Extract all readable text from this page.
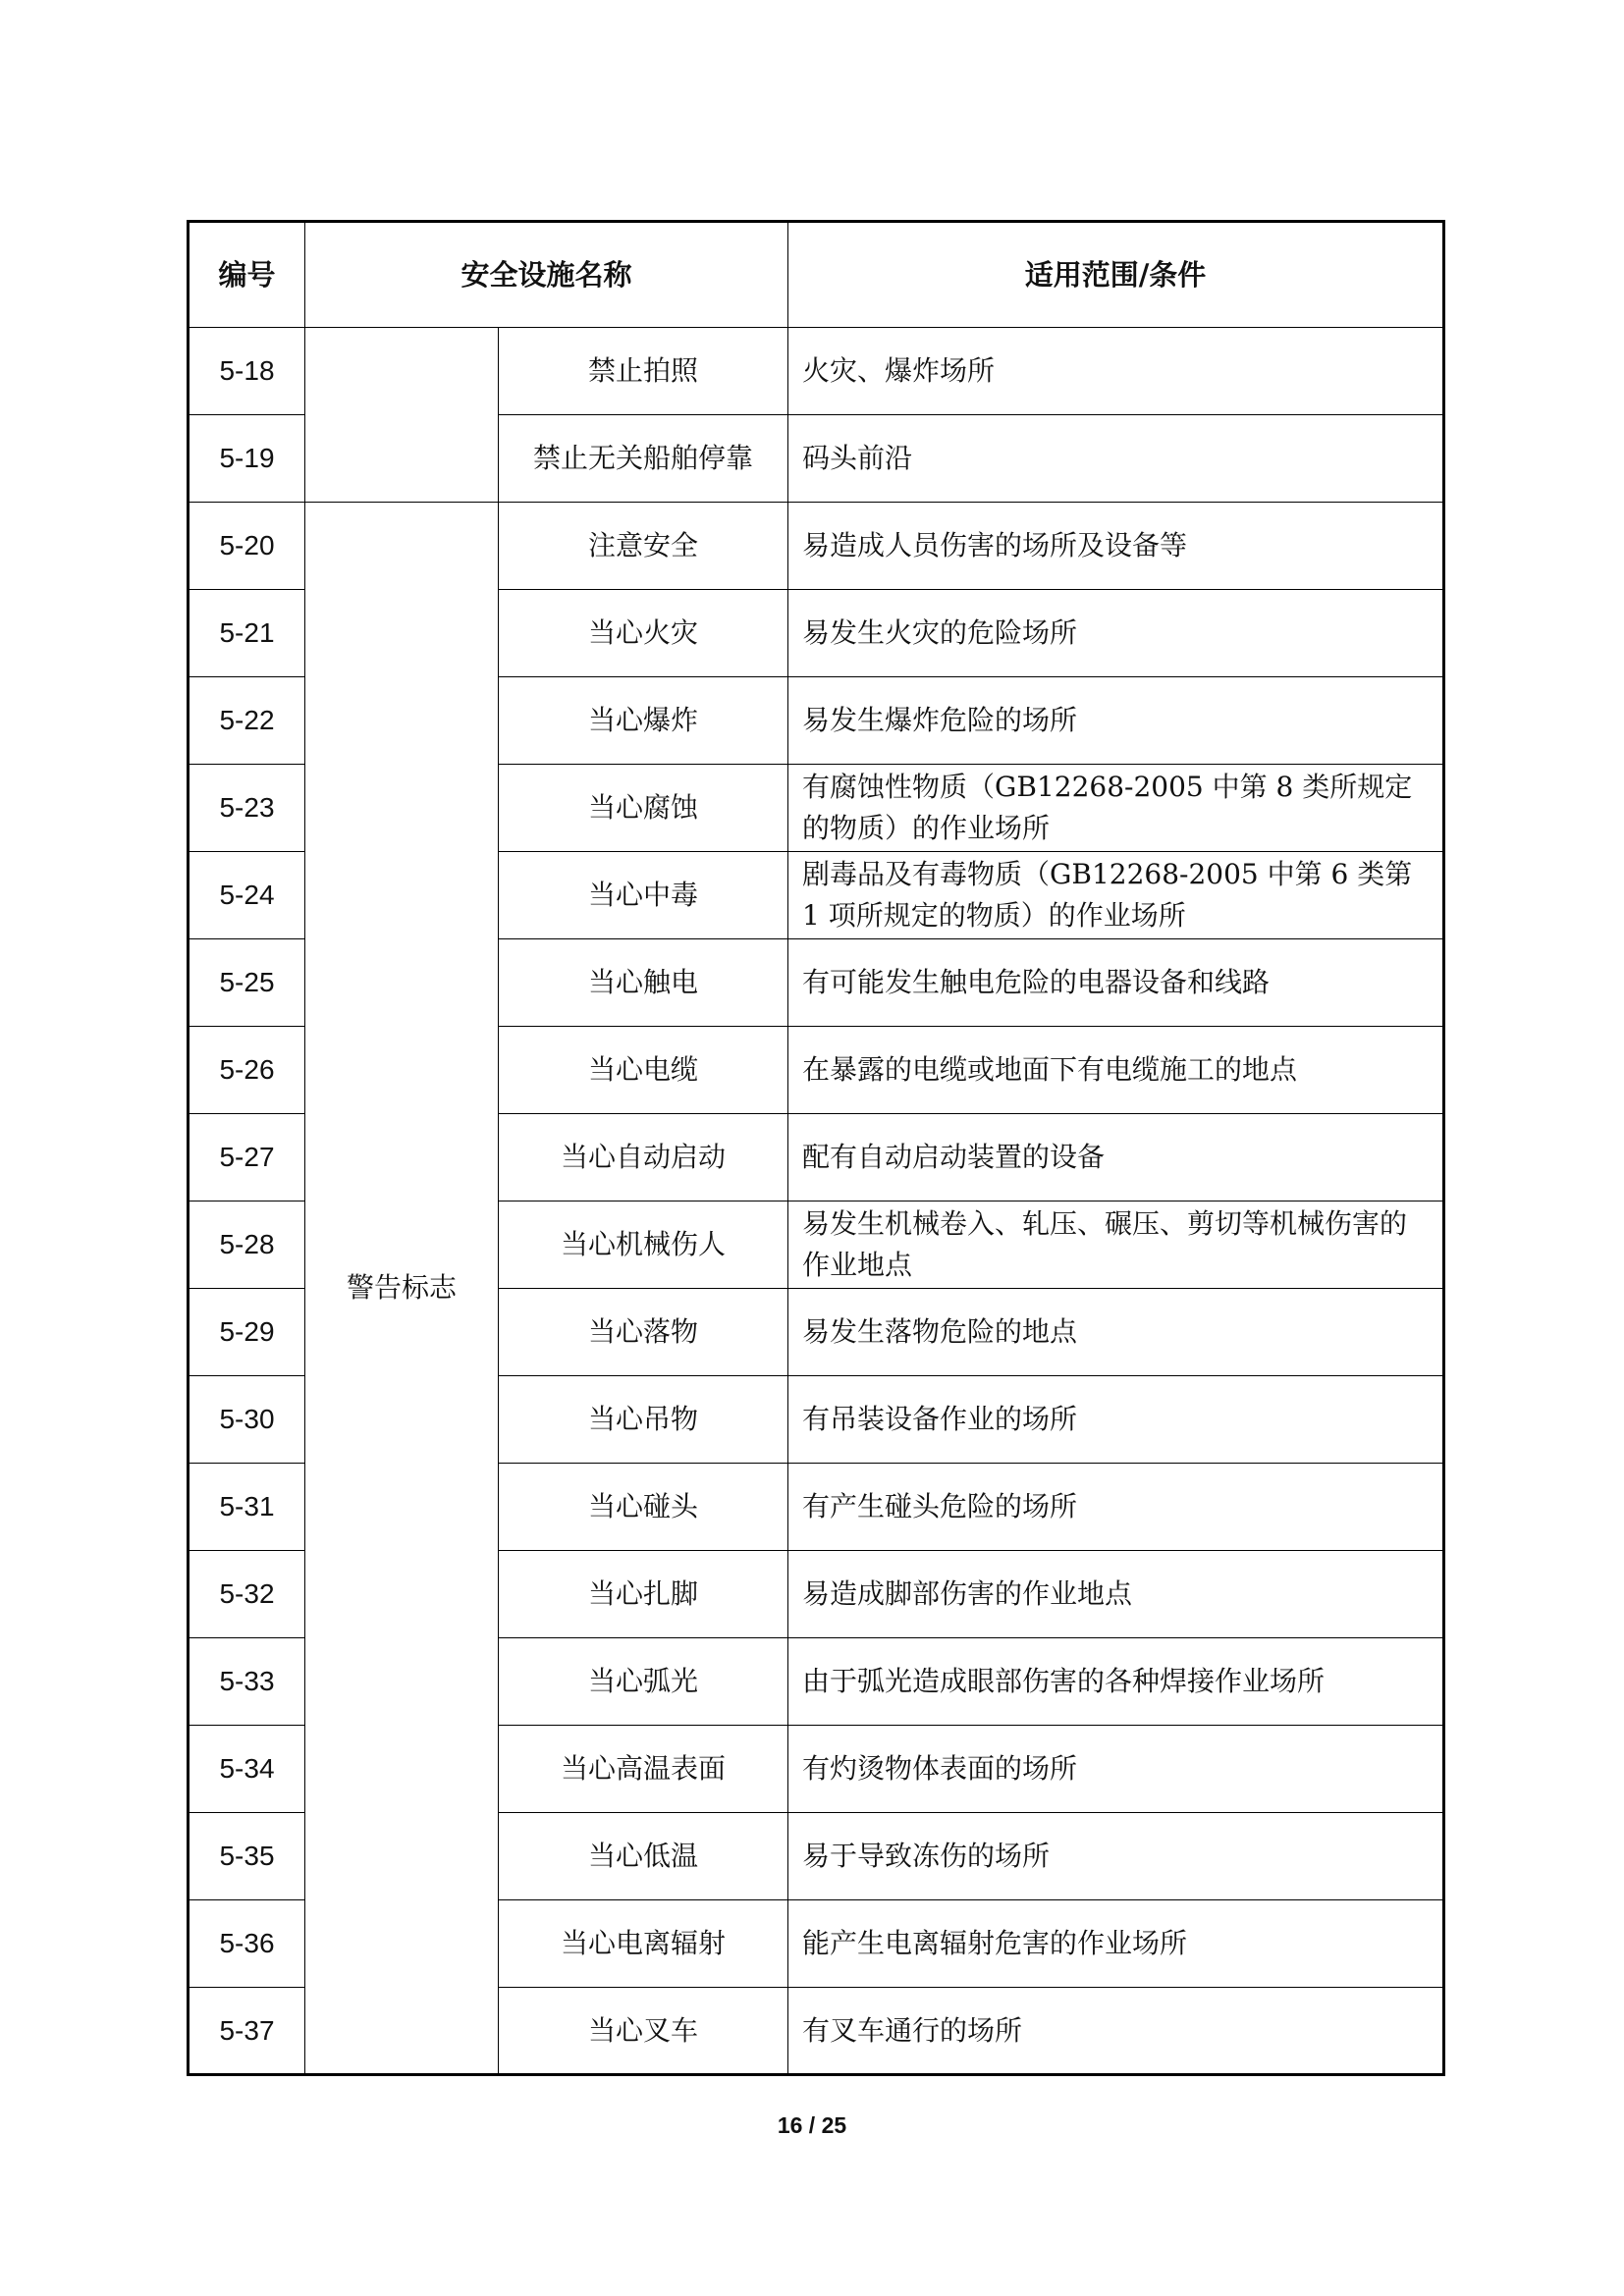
编号	安全设施名称		适用范围/条件
5-18		禁止拍照	火灾、爆炸场所
5-19		禁止无关船舶停靠	码头前沿
5-20	警告标志	注意安全	易造成人员伤害的场所及设备等
5-21		当心火灾	易发生火灾的危险场所
5-22		当心爆炸	易发生爆炸危险的场所
5-23		当心腐蚀	有腐蚀性物质（GB12268-2005 中第 8 类所规定的物质）的作业场所
5-24		当心中毒	剧毒品及有毒物质（GB12268-2005 中第 6 类第 1 项所规定的物质）的作业场所
5-25		当心触电	有可能发生触电危险的电器设备和线路
5-26		当心电缆	在暴露的电缆或地面下有电缆施工的地点
5-27		当心自动启动	配有自动启动装置的设备
5-28		当心机械伤人	易发生机械卷入、轧压、碾压、剪切等机械伤害的作业地点
5-29		当心落物	易发生落物危险的地点
5-30		当心吊物	有吊装设备作业的场所
5-31		当心碰头	有产生碰头危险的场所
5-32		当心扎脚	易造成脚部伤害的作业地点
5-33		当心弧光	由于弧光造成眼部伤害的各种焊接作业场所
5-34		当心高温表面	有灼烫物体表面的场所
5-35		当心低温	易于导致冻伤的场所
5-36		当心电离辐射	能产生电离辐射危害的作业场所
5-37		当心叉车	有叉车通行的场所
16 / 25
